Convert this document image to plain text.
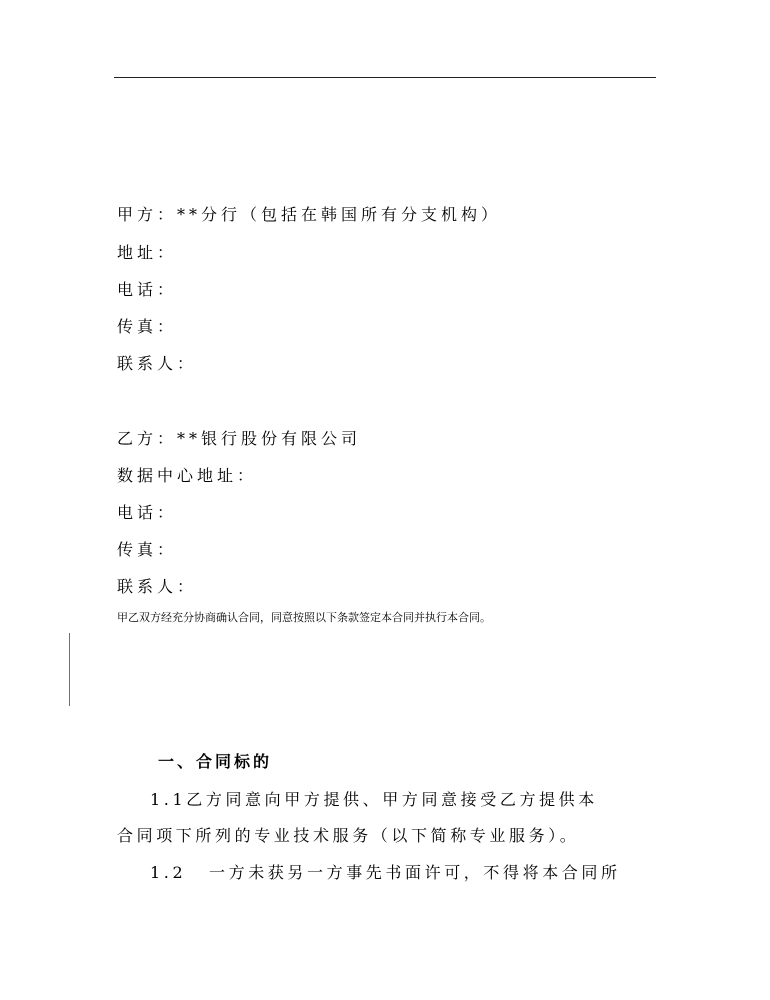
甲方：**分行（包括在韩国所有分支机构）
地址：
电话：
传真：
联系人：
乙方：**银行股份有限公司
数据中心地址：
电话：
传真：
联系人：
甲乙双方经充分协商确认合同，同意按照以下条款签定本合同并执行本合同。
一、合同标的
1.1乙方同意向甲方提供、甲方同意接受乙方提供本
合同项下所列的专业技术服务（以下简称专业服务）。
1.2 一方未获另一方事先书面许可，不得将本合同所
